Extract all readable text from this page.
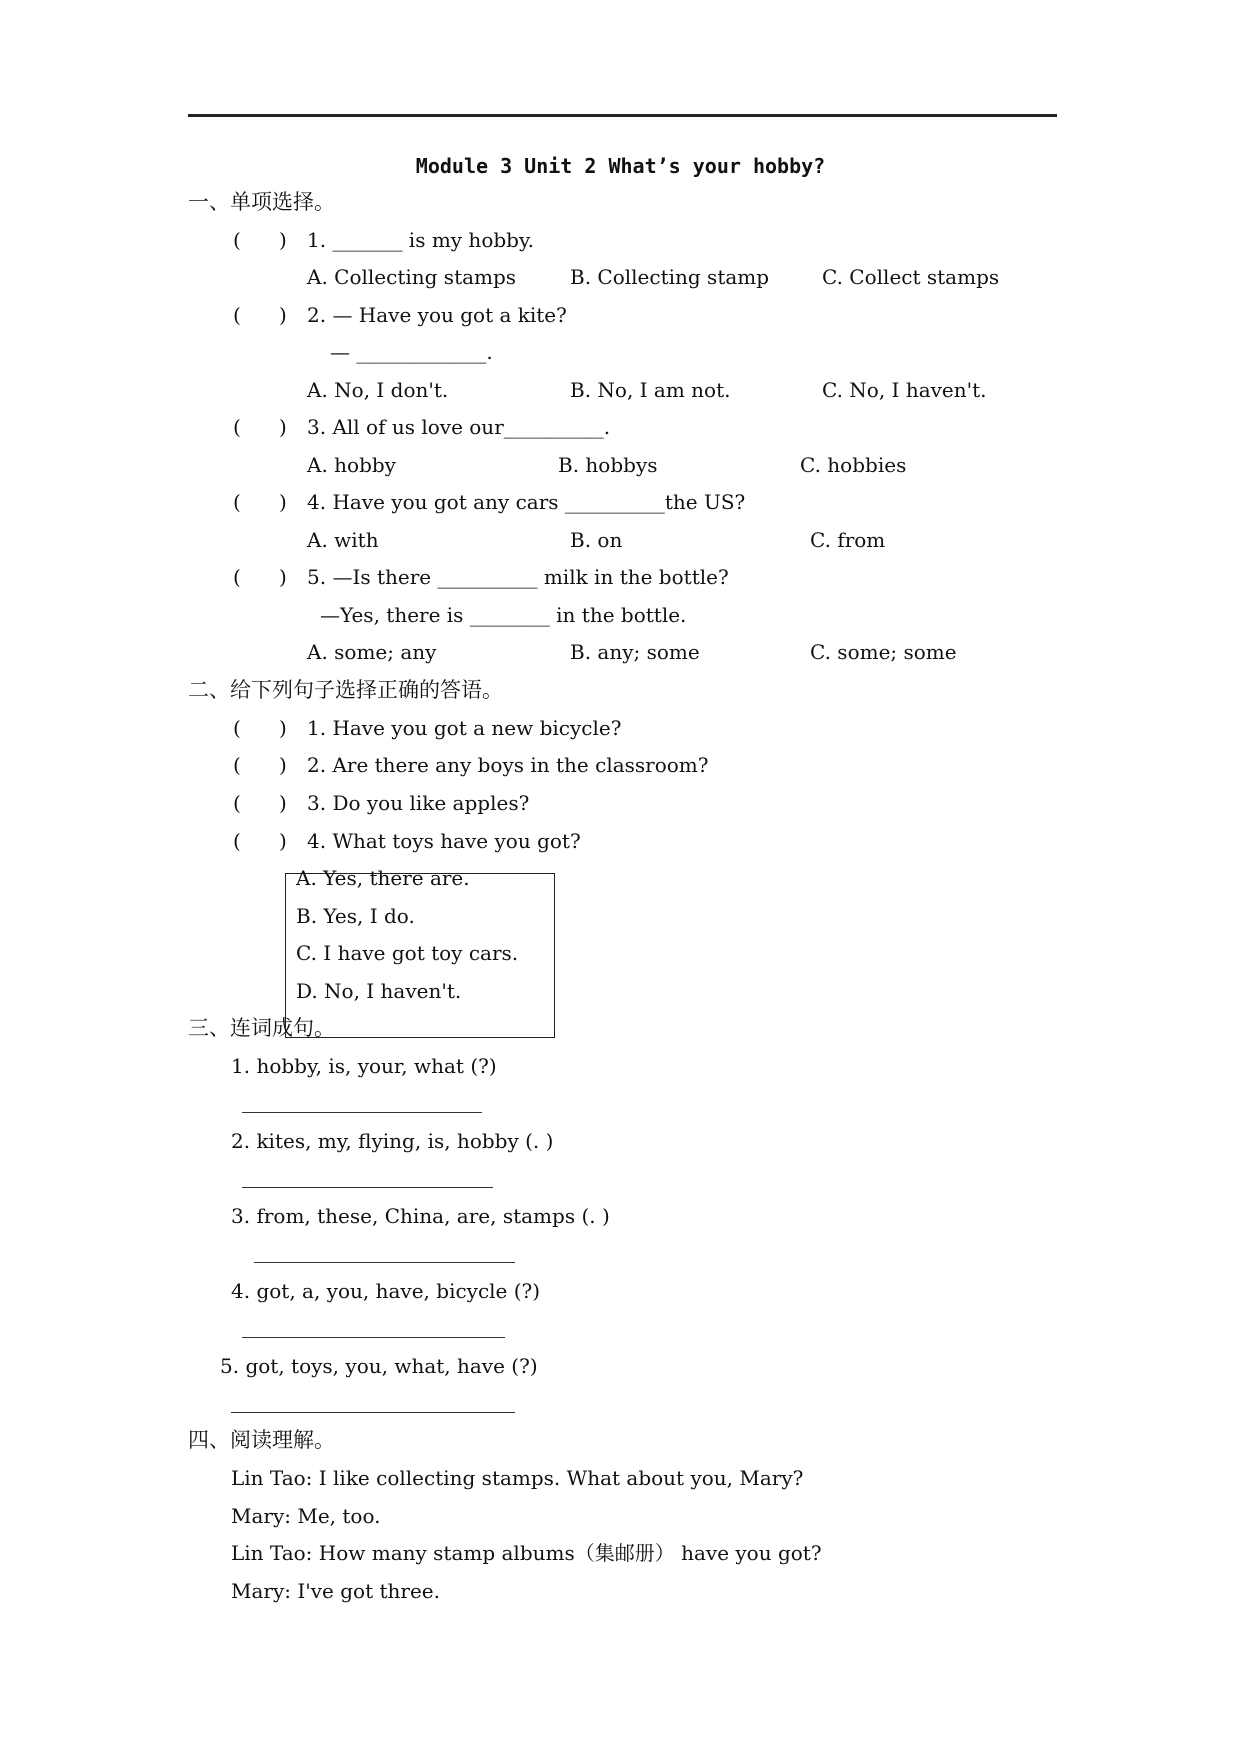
Module 3 Unit 2 What’s your hobby?
一、单项选择。
(      ) 1. _______ is my hobby.
A. Collecting stamps	B. Collecting stamp	C. Collect stamps
(      ) 2. — Have you got a kite?
— _____________.
A. No, I don't.	B. No, I am not.	C. No, I haven't.
(      ) 3. All of us love our__________.
A. hobby	B. hobbys	C. hobbies
(      ) 4. Have you got any cars __________the US?
A. with	B. on	C. from
(      ) 5. —Is there __________ milk in the bottle?
—Yes, there is ________ in the bottle.
A. some; any	B. any; some	C. some; some
二、给下列句子选择正确的答语。
(      ) 1. Have you got a new bicycle?
(      ) 2. Are there any boys in the classroom?
(      ) 3. Do you like apples?
(      ) 4. What toys have you got?
A. Yes, there are.
B. Yes, I do.
C. I have got toy cars.
D. No, I haven't.
三、连词成句。
1. hobby, is, your, what (?)
2. kites, my, flying, is, hobby (. )
3. from, these, China, are, stamps (. )
4. got, a, you, have, bicycle (?)
5. got, toys, you, what, have (?)
四、阅读理解。
Lin Tao: I like collecting stamps. What about you, Mary?
Mary: Me, too.
Lin Tao: How many stamp albums（集邮册） have you got?
Mary: I've got three.
